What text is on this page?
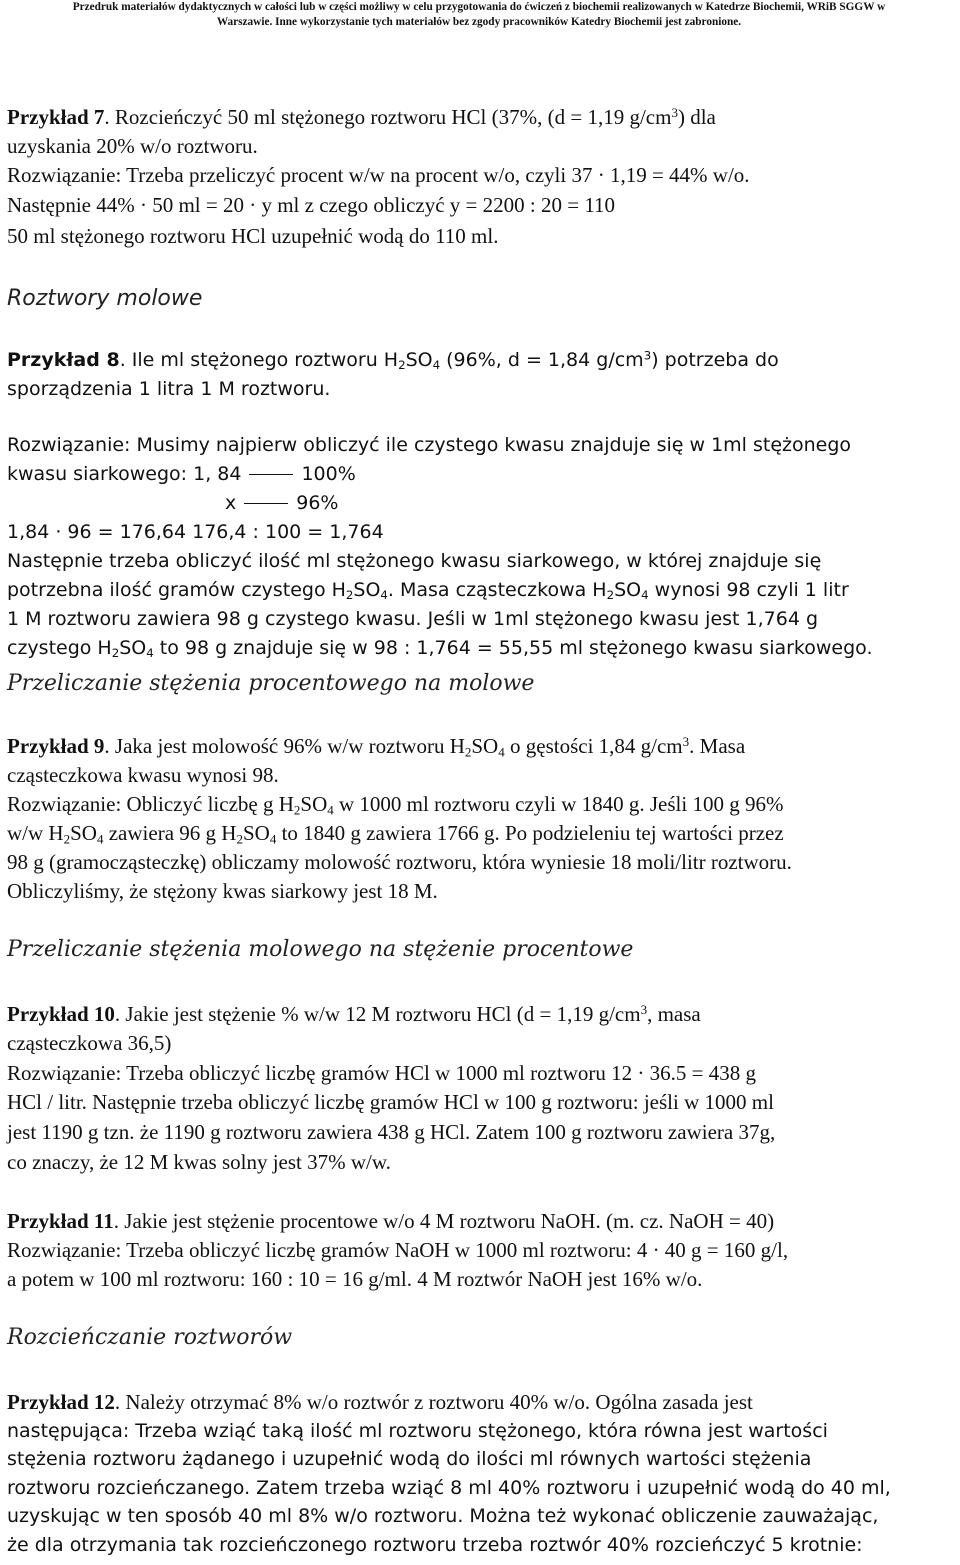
Przedruk materiałów dydaktycznych w całości lub w części możliwy w celu przygotowania do ćwiczeń z biochemii realizowanych w Katedrze Biochemii, WRiB SGGW w
Warszawie. Inne wykorzystanie tych materiałów bez zgody pracowników Katedry Biochemii jest zabronione.
Przykład 7. Rozcieńczyć 50 ml stężonego roztworu HCl (37%, (d = 1,19 $g/cm^3$) dla
uzyskania 20% w/o roztworu.
Rozwiązanie: Trzeba przeliczyć procent w/w na procent w/o, czyli 37 · 1,19 = 44% w/o.
Następnie 44% · 50 ml = 20 · y ml z czego obliczyć y = 2200 : 20 = 110
50 ml stężonego roztworu HCl uzupełnić wodą do 110 ml.
Roztwory molowe
Przykład 8. Ile ml stężonego roztworu $H_2SO_4$ (96%, d = 1,84 $g/cm^3$) potrzeba do
sporządzenia 1 litra 1 M roztworu.
Rozwiązanie: Musimy najpierw obliczyć ile czystego kwasu znajduje się w 1ml stężonego
kwasu siarkowego: 1, 84	100%
x	96%
1,84 · 96 = 176,64 176,4 : 100 = 1,764
Następnie trzeba obliczyć ilość ml stężonego kwasu siarkowego, w której znajduje się
potrzebna ilość gramów czystego $H_2SO_4$. Masa cząsteczkowa $H_2SO_4$ wynosi 98 czyli 1 litr
1 M roztworu zawiera 98 g czystego kwasu. Jeśli w 1ml stężonego kwasu jest 1,764 g
czystego $H_2SO_4$ to 98 g znajduje się w 98 : 1,764 = 55,55 ml stężonego kwasu siarkowego.
Przeliczanie stężenia procentowego na molowe
Przykład 9. Jaka jest molowość 96% w/w roztworu $H_2SO_4$ o gęstości 1,84 $g/cm^3$. Masa
cząsteczkowa kwasu wynosi 98.
Rozwiązanie: Obliczyć liczbę g $H_2SO_4$ w 1000 ml roztworu czyli w 1840 g. Jeśli 100 g 96%
w/w $H_2SO_4$ zawiera 96 g $H_2SO_4$ to 1840 g zawiera 1766 g. Po podzieleniu tej wartości przez
98 g (gramocząsteczkę) obliczamy molowość roztworu, która wyniesie 18 moli/litr roztworu.
Obliczyliśmy, że stężony kwas siarkowy jest 18 M.
Przeliczanie stężenia molowego na stężenie procentowe
Przykład 10. Jakie jest stężenie % w/w 12 M roztworu HCl (d = 1,19 $g/cm^3$, masa
cząsteczkowa 36,5)
Rozwiązanie: Trzeba obliczyć liczbę gramów HCl w 1000 ml roztworu 12 · 36.5 = 438 g
HCl / litr. Następnie trzeba obliczyć liczbę gramów HCl w 100 g roztworu: jeśli w 1000 ml
jest 1190 g tzn. że 1190 g roztworu zawiera 438 g HCl. Zatem 100 g roztworu zawiera 37g,
co znaczy, że 12 M kwas solny jest 37% w/w.
Przykład 11. Jakie jest stężenie procentowe w/o 4 M roztworu NaOH. (m. cz. NaOH = 40)
Rozwiązanie: Trzeba obliczyć liczbę gramów NaOH w 1000 ml roztworu: 4 · 40 g = 160 g/l,
a potem w 100 ml roztworu: 160 : 10 = 16 g/ml. 4 M roztwór NaOH jest 16% w/o.
Rozcieńczanie roztworów
Przykład 12. Należy otrzymać 8% w/o roztwór z roztworu 40% w/o. Ogólna zasada jest
następująca: Trzeba wziąć taką ilość ml roztworu stężonego, która równa jest wartości
stężenia roztworu żądanego i uzupełnić wodą do ilości ml równych wartości stężenia
roztworu rozcieńczanego. Zatem trzeba wziąć 8 ml 40% roztworu i uzupełnić wodą do 40 ml,
uzyskując w ten sposób 40 ml 8% w/o roztworu. Można też wykonać obliczenie zauważając,
że dla otrzymania tak rozcieńczonego roztworu trzeba roztwór 40% rozcieńczyć 5 krotnie:
